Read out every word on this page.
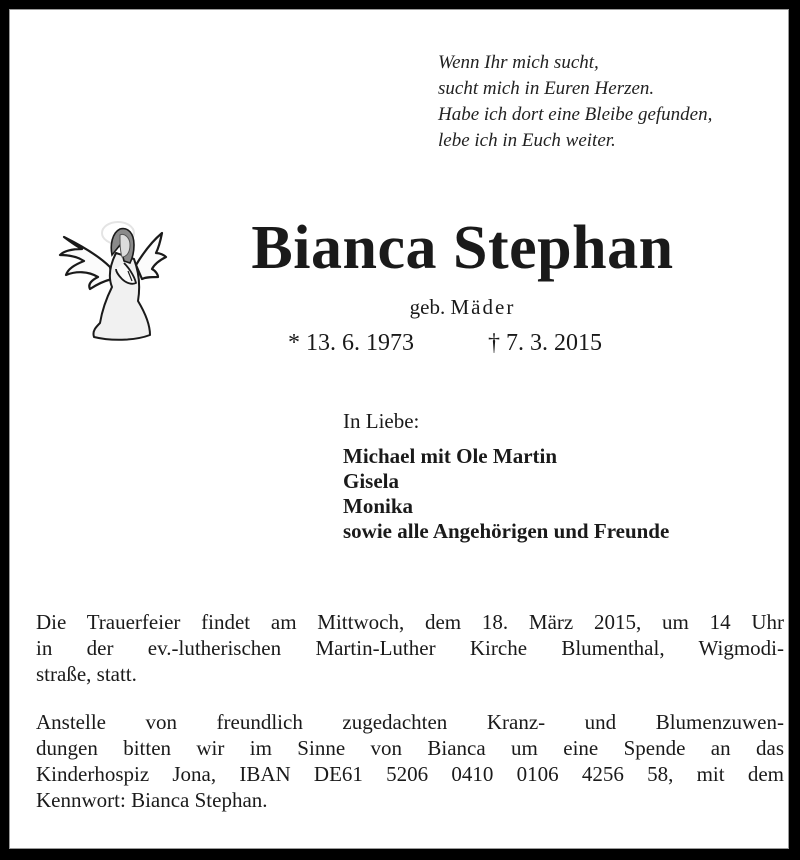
Wenn Ihr mich sucht,
sucht mich in Euren Herzen.
Habe ich dort eine Bleibe gefunden,
lebe ich in Euch weiter.
Bianca Stephan
geb. Mäder
* 13. 6. 1973	† 7. 3. 2015
In Liebe:
Michael mit Ole Martin
Gisela
Monika
sowie alle Angehörigen und Freunde
Die Trauerfeier findet am Mittwoch, dem 18. März 2015, um 14 Uhr
in der ev.-lutherischen Martin-Luther Kirche Blumenthal, Wigmodi-
straße, statt.
Anstelle von freundlich zugedachten Kranz- und Blumenzuwen-
dungen bitten wir im Sinne von Bianca um eine Spende an das
Kinderhospiz Jona, IBAN DE61 5206 0410 0106 4256 58, mit dem
Kennwort: Bianca Stephan.
